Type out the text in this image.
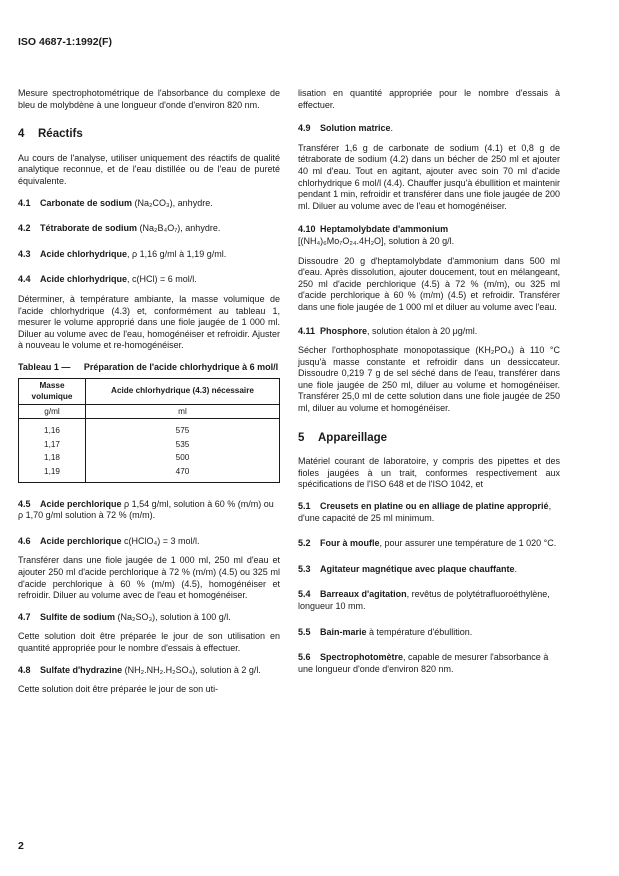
ISO 4687-1:1992(F)

Mesure spectrophotométrique de l'absorbance du complexe de bleu de molybdène à une longueur d'onde d'environ 820 nm.

4 Réactifs

Au cours de l'analyse, utiliser uniquement des réactifs de qualité analytique reconnue, et de l'eau distillée ou de l'eau de pureté équivalente.

4.1 Carbonate de sodium (Na₂CO₃), anhydre.
4.2 Tétraborate de sodium (Na₂B₄O₇), anhydre.
4.3 Acide chlorhydrique, ρ 1,16 g/ml à 1,19 g/ml.
4.4 Acide chlorhydrique, c(HCl) = 6 mol/l.

Déterminer, à température ambiante, la masse volumique de l'acide chlorhydrique (4.3) et, conformément au tableau 1, mesurer le volume approprié dans une fiole jaugée de 1 000 ml. Diluer au volume avec de l'eau, homogénéiser et refroidir. Ajuster à nouveau le volume et re-homogénéiser.

Tableau 1 —	Préparation de l'acide chlorhydrique à 6 mol/l
Masse volumique	Acide chlorhydrique (4.3) nécessaire
g/ml	ml
1,16	575
1,17	535
1,18	500
1,19	470
4.5 Acide perchlorique ρ 1,54 g/ml, solution à 60 % (m/m) ou ρ 1,70 g/ml solution à 72 % (m/m).
4.6 Acide perchlorique c(HClO₄) = 3 mol/l.

Transférer dans une fiole jaugée de 1 000 ml, 250 ml d'eau et ajouter 250 ml d'acide perchlorique à 72 % (m/m) (4.5) ou 325 ml d'acide perchlorique à 60 % (m/m) (4.5), homogénéiser et refroidir. Diluer au volume avec de l'eau et homogénéiser.

4.7 Sulfite de sodium (Na₂SO₃), solution à 100 g/l.

Cette solution doit être préparée le jour de son utilisation en quantité appropriée pour le nombre d'essais à effectuer.

4.8 Sulfate d'hydrazine (NH₂.NH₂.H₂SO₄), solution à 2 g/l.

Cette solution doit être préparée le jour de son uti-

lisation en quantité appropriée pour le nombre d'essais à effectuer.

4.9 Solution matrice.

Transférer 1,6 g de carbonate de sodium (4.1) et 0,8 g de tétraborate de sodium (4.2) dans un bécher de 250 ml et ajouter 40 ml d'eau. Tout en agitant, ajouter avec soin 70 ml d'acide chlorhydrique 6 mol/l (4.4). Chauffer jusqu'à ébullition et maintenir pendant 1 min, refroidir et transférer dans une fiole jaugée de 200 ml. Diluer au volume avec de l'eau et homogénéiser.

4.10 Heptamolybdate d'ammonium
[(NH₄)₆Mo₇O₂₄.4H₂O], solution à 20 g/l.

Dissoudre 20 g d'heptamolybdate d'ammonium dans 500 ml d'eau. Après dissolution, ajouter doucement, tout en mélangeant, 250 ml d'acide perchlorique (4.5) à 72 % (m/m), ou 325 ml d'acide perchlorique à 60 % (m/m) (4.5) et refroidir. Transférer dans une fiole jaugée de 1 000 ml et diluer au volume avec l'eau.

4.11 Phosphore, solution étalon à 20 μg/ml.

Sécher l'orthophosphate monopotassique (KH₂PO₄) à 110 °C jusqu'à masse constante et refroidir dans un dessiccateur. Dissoudre 0,219 7 g de sel séché dans de l'eau, transférer dans une fiole jaugée de 250 ml, diluer au volume et homogénéiser. Transférer 25,0 ml de cette solution dans une fiole jaugée de 250 ml, diluer au volume et homogénéiser.

5 Appareillage

Matériel courant de laboratoire, y compris des pipettes et des fioles jaugées à un trait, conformes respectivement aux spécifications de l'ISO 648 et de l'ISO 1042, et

5.1 Creusets en platine ou en alliage de platine approprié, d'une capacité de 25 ml minimum.
5.2 Four à moufle, pour assurer une température de 1 020 °C.
5.3 Agitateur magnétique avec plaque chauffante.
5.4 Barreaux d'agitation, revêtus de polytétrafluoroéthylène, longueur 10 mm.
5.5 Bain-marie à température d'ébullition.
5.6 Spectrophotomètre, capable de mesurer l'absorbance à une longueur d'onde d'environ 820 nm.
2
